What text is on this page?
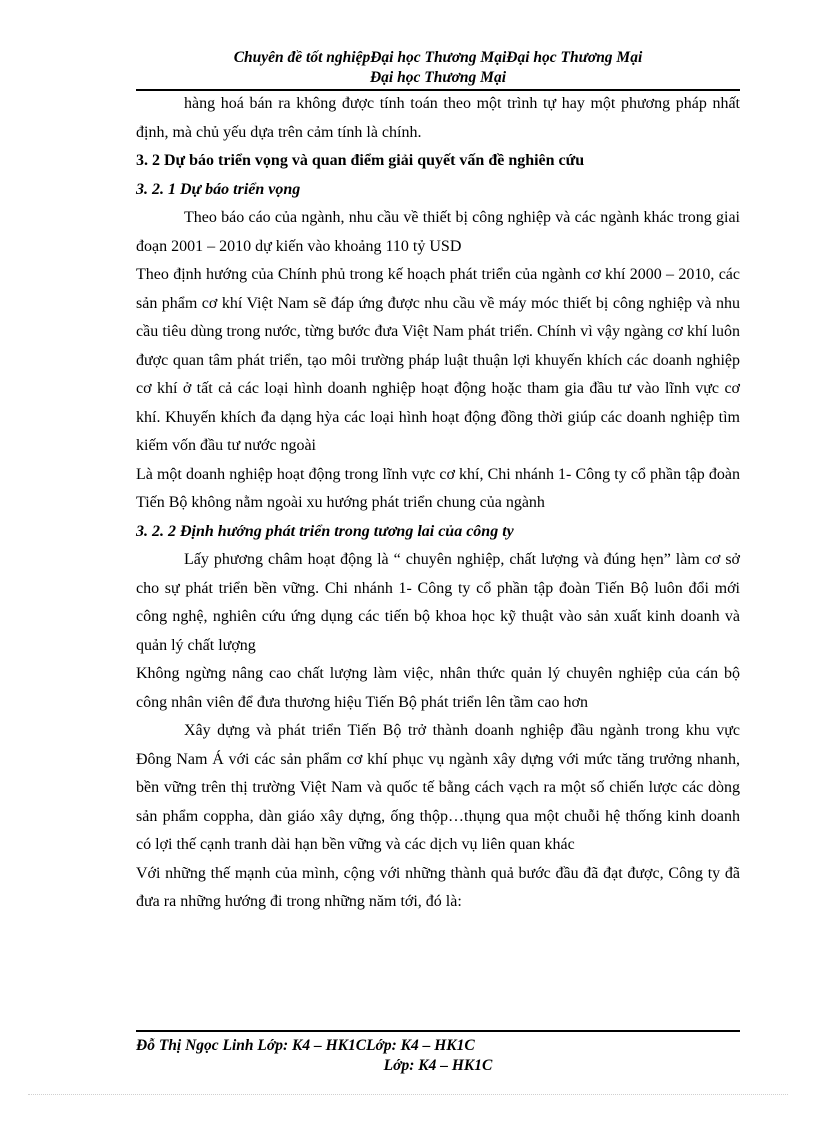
Chuyên đề tốt nghiệpĐại học Thương MạiĐại học Thương Mại
Đại học Thương Mại

hàng hoá bán ra không được tính toán theo một trình tự hay một phương pháp nhất định, mà chủ yếu dựa trên cảm tính là chính.

3. 2 Dự báo triển vọng và quan điểm giải quyết vấn đề nghiên cứu

3. 2. 1 Dự báo triển vọng

Theo báo cáo của ngành, nhu cầu về thiết bị công nghiệp và các ngành khác trong giai đoạn 2001 – 2010 dự kiến vào khoảng 110 tỷ USD

Theo định hướng của Chính phủ trong kế hoạch phát triển của ngành cơ khí 2000 – 2010, các sản phẩm cơ khí Việt Nam sẽ đáp ứng được nhu cầu về máy móc thiết bị công nghiệp và nhu cầu tiêu dùng trong nước, từng bước đưa Việt Nam phát triển. Chính vì vậy ngàng cơ khí luôn được quan tâm phát triển, tạo môi trường pháp luật thuận lợi khuyến khích các doanh nghiệp cơ khí ở tất cả các loại hình doanh nghiệp hoạt động hoặc tham gia đầu tư vào lĩnh vực cơ khí. Khuyến khích đa dạng hỳa các loại hình hoạt động đồng thời giúp các doanh nghiệp tìm kiếm vốn đầu tư nước ngoài

Là một doanh nghiệp hoạt động trong lĩnh vực cơ khí, Chi nhánh 1- Công ty cổ phần tập đoàn Tiến Bộ không nằm ngoài xu hướng phát triển chung của ngành

3. 2. 2 Định hướng phát triển trong tương lai của công ty

Lấy phương châm hoạt động là “ chuyên nghiệp, chất lượng và đúng hẹn” làm cơ sở cho sự phát triển bền vững. Chi nhánh 1- Công ty cổ phần tập đoàn Tiến Bộ luôn đổi mới công nghệ, nghiên cứu ứng dụng các tiến bộ khoa học kỹ thuật vào sản xuất kinh doanh và quản lý chất lượng

Không ngừng nâng cao chất lượng làm việc, nhân thức quản lý chuyên nghiệp của cán bộ công nhân viên để đưa thương hiệu Tiến Bộ phát triển lên tầm cao hơn

Xây dựng và phát triển Tiến Bộ trở thành doanh nghiệp đầu ngành trong khu vực Đông Nam Á với các sản phẩm cơ khí phục vụ ngành xây dựng với mức tăng trưởng nhanh, bền vững trên thị trường Việt Nam và quốc tế bằng cách vạch ra một số chiến lược các dòng sản phẩm coppha, dàn giáo xây dựng, ống thộp…thụng qua một chuỗi hệ thống kinh doanh có lợi thế cạnh tranh dài hạn bền vững và các dịch vụ liên quan khác

Với những thế mạnh của mình, cộng với những thành quả bước đầu đã đạt được, Công ty đã đưa ra những hướng đi trong những năm tới, đó là:

Đỗ Thị Ngọc Linh Lớp: K4 – HK1CLớp: K4 – HK1C
Lớp: K4 – HK1C
